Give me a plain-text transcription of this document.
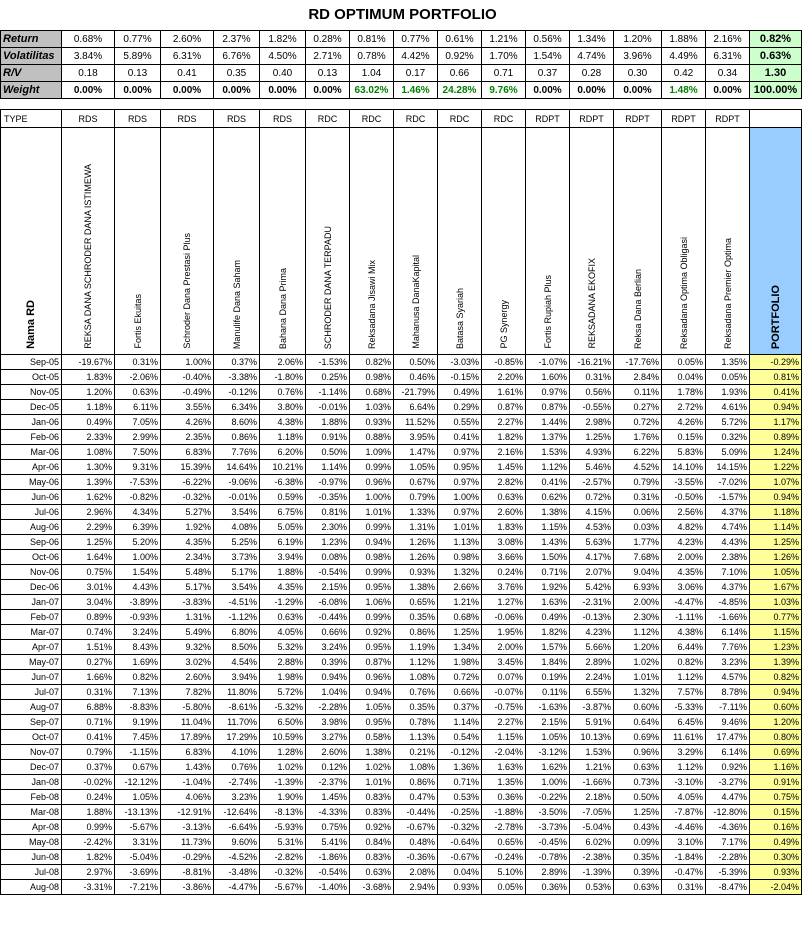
RD OPTIMUM PORTFOLIO
Return	0.68%	0.77%	2.60%	2.37%	1.82%	0.28%	0.81%	0.77%	0.61%	1.21%	0.56%	1.34%	1.20%	1.88%	2.16%	0.82%
Volatilitas	3.84%	5.89%	6.31%	6.76%	4.50%	2.71%	0.78%	4.42%	0.92%	1.70%	1.54%	4.74%	3.96%	4.49%	6.31%	0.63%
R/V	0.18	0.13	0.41	0.35	0.40	0.13	1.04	0.17	0.66	0.71	0.37	0.28	0.30	0.42	0.34	1.30
Weight	0.00%	0.00%	0.00%	0.00%	0.00%	0.00%	63.02%	1.46%	24.28%	9.76%	0.00%	0.00%	0.00%	1.48%	0.00%	100.00%
TYPE	RDS	RDS	RDS	RDS	RDS	RDC	RDC	RDC	RDC	RDC	RDPT	RDPT	RDPT	RDPT	RDPT	
Nama RD	REKSA DANA SCHRODER DANA ISTIMEWA	Fortis Ekuitas	Schroder Dana Prestasi Plus	Manulife Dana Saham	Bahana Dana Prima	SCHRODER DANA TERPADU	Reksadana Jisawi Mix	Mahanusa DanaKapital	Batasa Syariah	PG Synergy	Fortis Rupiah Plus	REKSADANA EKOFIX	Reksa Dana Berlian	Reksadana Optima Obligasi	Reksadana Premier Optima	PORTFOLIO
Sep-05	-19.67%	0.31%	1.00%	0.37%	2.06%	-1.53%	0.82%	0.50%	-3.03%	-0.85%	-1.07%	-16.21%	-17.76%	0.05%	1.35%	-0.29%
Oct-05	1.83%	-2.06%	-0.40%	-3.38%	-1.80%	0.25%	0.98%	0.46%	-0.15%	2.20%	1.60%	0.31%	2.84%	0.04%	0.05%	0.81%
Nov-05	1.20%	0.63%	-0.49%	-0.12%	0.76%	-1.14%	0.68%	-21.79%	0.49%	1.61%	0.97%	0.56%	0.11%	1.78%	1.93%	0.41%
Dec-05	1.18%	6.11%	3.55%	6.34%	3.80%	-0.01%	1.03%	6.64%	0.29%	0.87%	0.87%	-0.55%	0.27%	2.72%	4.61%	0.94%
Jan-06	0.49%	7.05%	4.26%	8.60%	4.38%	1.88%	0.93%	11.52%	0.55%	2.27%	1.44%	2.98%	0.72%	4.26%	5.72%	1.17%
Feb-06	2.33%	2.99%	2.35%	0.86%	1.18%	0.91%	0.88%	3.95%	0.41%	1.82%	1.37%	1.25%	1.76%	0.15%	0.32%	0.89%
Mar-06	1.08%	7.50%	6.83%	7.76%	6.20%	0.50%	1.09%	1.47%	0.97%	2.16%	1.53%	4.93%	6.22%	5.83%	5.09%	1.24%
Apr-06	1.30%	9.31%	15.39%	14.64%	10.21%	1.14%	0.99%	1.05%	0.95%	1.45%	1.12%	5.46%	4.52%	14.10%	14.15%	1.22%
May-06	1.39%	-7.53%	-6.22%	-9.06%	-6.38%	-0.97%	0.96%	0.67%	0.97%	2.82%	0.41%	-2.57%	0.79%	-3.55%	-7.02%	1.07%
Jun-06	1.62%	-0.82%	-0.32%	-0.01%	0.59%	-0.35%	1.00%	0.79%	1.00%	0.63%	0.62%	0.72%	0.31%	-0.50%	-1.57%	0.94%
Jul-06	2.96%	4.34%	5.27%	3.54%	6.75%	0.81%	1.01%	1.33%	0.97%	2.60%	1.38%	4.15%	0.06%	2.56%	4.37%	1.18%
Aug-06	2.29%	6.39%	1.92%	4.08%	5.05%	2.30%	0.99%	1.31%	1.01%	1.83%	1.15%	4.53%	0.03%	4.82%	4.74%	1.14%
Sep-06	1.25%	5.20%	4.35%	5.25%	6.19%	1.23%	0.94%	1.26%	1.13%	3.08%	1.43%	5.63%	1.77%	4.23%	4.43%	1.25%
Oct-06	1.64%	1.00%	2.34%	3.73%	3.94%	0.08%	0.98%	1.26%	0.98%	3.66%	1.50%	4.17%	7.68%	2.00%	2.38%	1.26%
Nov-06	0.75%	1.54%	5.48%	5.17%	1.88%	-0.54%	0.99%	0.93%	1.32%	0.24%	0.71%	2.07%	9.04%	4.35%	7.10%	1.05%
Dec-06	3.01%	4.43%	5.17%	3.54%	4.35%	2.15%	0.95%	1.38%	2.66%	3.76%	1.92%	5.42%	6.93%	3.06%	4.37%	1.67%
Jan-07	3.04%	-3.89%	-3.83%	-4.51%	-1.29%	-6.08%	1.06%	0.65%	1.21%	1.27%	1.63%	-2.31%	2.00%	-4.47%	-4.85%	1.03%
Feb-07	0.89%	-0.93%	1.31%	-1.12%	0.63%	-0.44%	0.99%	0.35%	0.68%	-0.06%	0.49%	-0.13%	2.30%	-1.11%	-1.66%	0.77%
Mar-07	0.74%	3.24%	5.49%	6.80%	4.05%	0.66%	0.92%	0.86%	1.25%	1.95%	1.82%	4.23%	1.12%	4.38%	6.14%	1.15%
Apr-07	1.51%	8.43%	9.32%	8.50%	5.32%	3.24%	0.95%	1.19%	1.34%	2.00%	1.57%	5.66%	1.20%	6.44%	7.76%	1.23%
May-07	0.27%	1.69%	3.02%	4.54%	2.88%	0.39%	0.87%	1.12%	1.98%	3.45%	1.84%	2.89%	1.02%	0.82%	3.23%	1.39%
Jun-07	1.66%	0.82%	2.60%	3.94%	1.98%	0.94%	0.96%	1.08%	0.72%	0.07%	0.19%	2.24%	1.01%	1.12%	4.57%	0.82%
Jul-07	0.31%	7.13%	7.82%	11.80%	5.72%	1.04%	0.94%	0.76%	0.66%	-0.07%	0.11%	6.55%	1.32%	7.57%	8.78%	0.94%
Aug-07	6.88%	-8.83%	-5.80%	-8.61%	-5.32%	-2.28%	1.05%	0.35%	0.37%	-0.75%	-1.63%	-3.87%	0.60%	-5.33%	-7.11%	0.60%
Sep-07	0.71%	9.19%	11.04%	11.70%	6.50%	3.98%	0.95%	0.78%	1.14%	2.27%	2.15%	5.91%	0.64%	6.45%	9.46%	1.20%
Oct-07	0.41%	7.45%	17.89%	17.29%	10.59%	3.27%	0.58%	1.13%	0.54%	1.15%	1.05%	10.13%	0.69%	11.61%	17.47%	0.80%
Nov-07	0.79%	-1.15%	6.83%	4.10%	1.28%	2.60%	1.38%	0.21%	-0.12%	-2.04%	-3.12%	1.53%	0.96%	3.29%	6.14%	0.69%
Dec-07	0.37%	0.67%	1.43%	0.76%	1.02%	0.12%	1.02%	1.08%	1.36%	1.63%	1.62%	1.21%	0.63%	1.12%	0.92%	1.16%
Jan-08	-0.02%	-12.12%	-1.04%	-2.74%	-1.39%	-2.37%	1.01%	0.86%	0.71%	1.35%	1.00%	-1.66%	0.73%	-3.10%	-3.27%	0.91%
Feb-08	0.24%	1.05%	4.06%	3.23%	1.90%	1.45%	0.83%	0.47%	0.53%	0.36%	-0.22%	2.18%	0.50%	4.05%	4.47%	0.75%
Mar-08	1.88%	-13.13%	-12.91%	-12.64%	-8.13%	-4.33%	0.83%	-0.44%	-0.25%	-1.88%	-3.50%	-7.05%	1.25%	-7.87%	-12.80%	0.15%
Apr-08	0.99%	-5.67%	-3.13%	-6.64%	-5.93%	0.75%	0.92%	-0.67%	-0.32%	-2.78%	-3.73%	-5.04%	0.43%	-4.46%	-4.36%	0.16%
May-08	-2.42%	3.31%	11.73%	9.60%	5.31%	5.41%	0.84%	0.48%	-0.64%	0.65%	-0.45%	6.02%	0.09%	3.10%	7.17%	0.49%
Jun-08	1.82%	-5.04%	-0.29%	-4.52%	-2.82%	-1.86%	0.83%	-0.36%	-0.67%	-0.24%	-0.78%	-2.38%	0.35%	-1.84%	-2.28%	0.30%
Jul-08	2.97%	-3.69%	-8.81%	-3.48%	-0.32%	-0.54%	0.63%	2.08%	0.04%	5.10%	2.89%	-1.39%	0.39%	-0.47%	-5.39%	0.93%
Aug-08	-3.31%	-7.21%	-3.86%	-4.47%	-5.67%	-1.40%	-3.68%	2.94%	0.93%	0.05%	0.36%	0.53%	0.63%	0.31%	-8.47%	-2.04%
